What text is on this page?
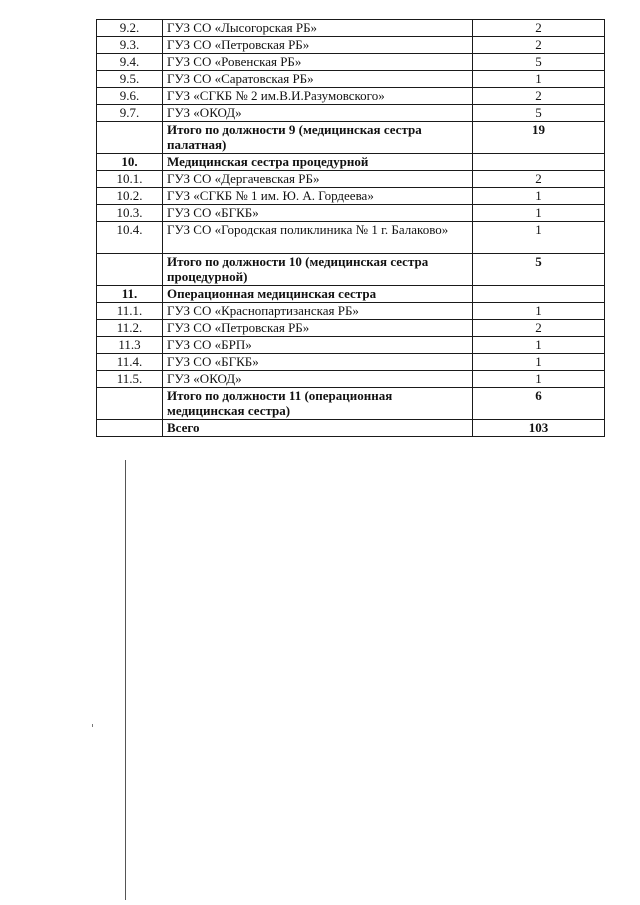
9.2.	ГУЗ СО «Лысогорская РБ»	2
9.3.	ГУЗ СО «Петровская РБ»	2
9.4.	ГУЗ СО «Ровенская РБ»	5
9.5.	ГУЗ СО «Саратовская РБ»	1
9.6.	ГУЗ «СГКБ № 2 им.В.И.Разумовского»	2
9.7.	ГУЗ «ОКОД»	5
	Итого по должности 9 (медицинская сестра палатная)	19
10.	Медицинская сестра процедурной	
10.1.	ГУЗ СО «Дергачевская РБ»	2
10.2.	ГУЗ «СГКБ № 1 им. Ю. А. Гордеева»	1
10.3.	ГУЗ СО «БГКБ»	1
10.4.	ГУЗ СО «Городская поликлиника № 1 г. Балаково»	1
	Итого по должности 10 (медицинская сестра процедурной)	5
11.	Операционная медицинская сестра	
11.1.	ГУЗ СО «Краснопартизанская РБ»	1
11.2.	ГУЗ СО «Петровская РБ»	2
11.3	ГУЗ СО «БРП»	1
11.4.	ГУЗ СО «БГКБ»	1
11.5.	ГУЗ «ОКОД»	1
	Итого по должности 11 (операционная медицинская сестра)	6
	Всего	103
